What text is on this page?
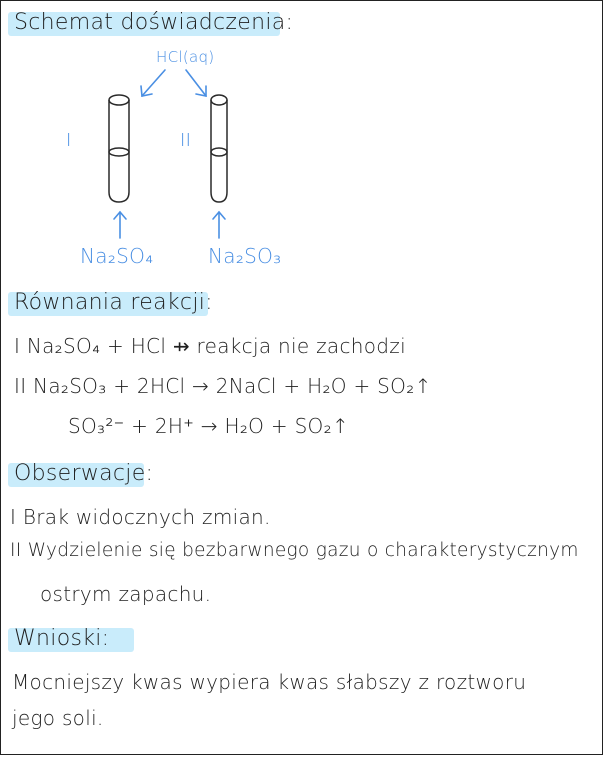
Schemat doświadczenia:
HCl(aq)
I	II
Na₂SO₄	Na₂SO₃
Równania reakcji:
I Na₂SO₄ + HCl ⇸ reakcja nie zachodzi
II Na₂SO₃ + 2HCl → 2NaCl + H₂O + SO₂↑
SO₃²⁻ + 2H⁺ → H₂O + SO₂↑
Obserwacje:
I Brak widocznych zmian.
II Wydzielenie się bezbarwnego gazu o charakterystycznym
ostrym zapachu.
Wnioski:
Mocniejszy kwas wypiera kwas słabszy z roztworu
jego soli.
